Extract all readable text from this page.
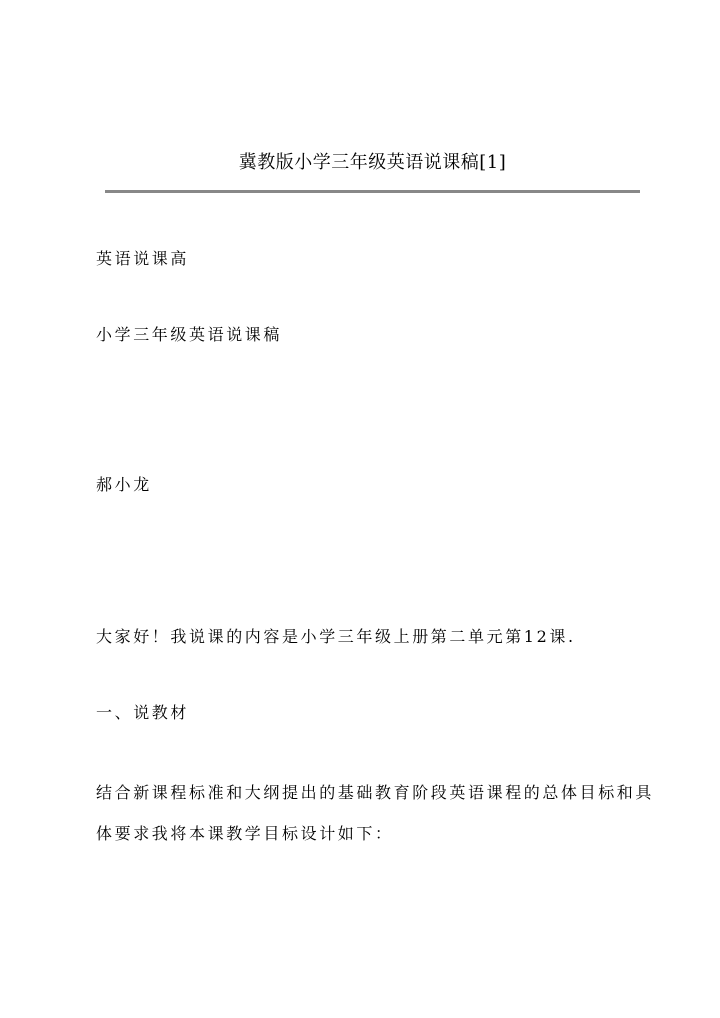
冀教版小学三年级英语说课稿[1]
英语说课高
小学三年级英语说课稿
郝小龙
大家好！我说课的内容是小学三年级上册第二单元第12课.
一、说教材
结合新课程标准和大纲提出的基础教育阶段英语课程的总体目标和具体要求我将本课教学目标设计如下：
